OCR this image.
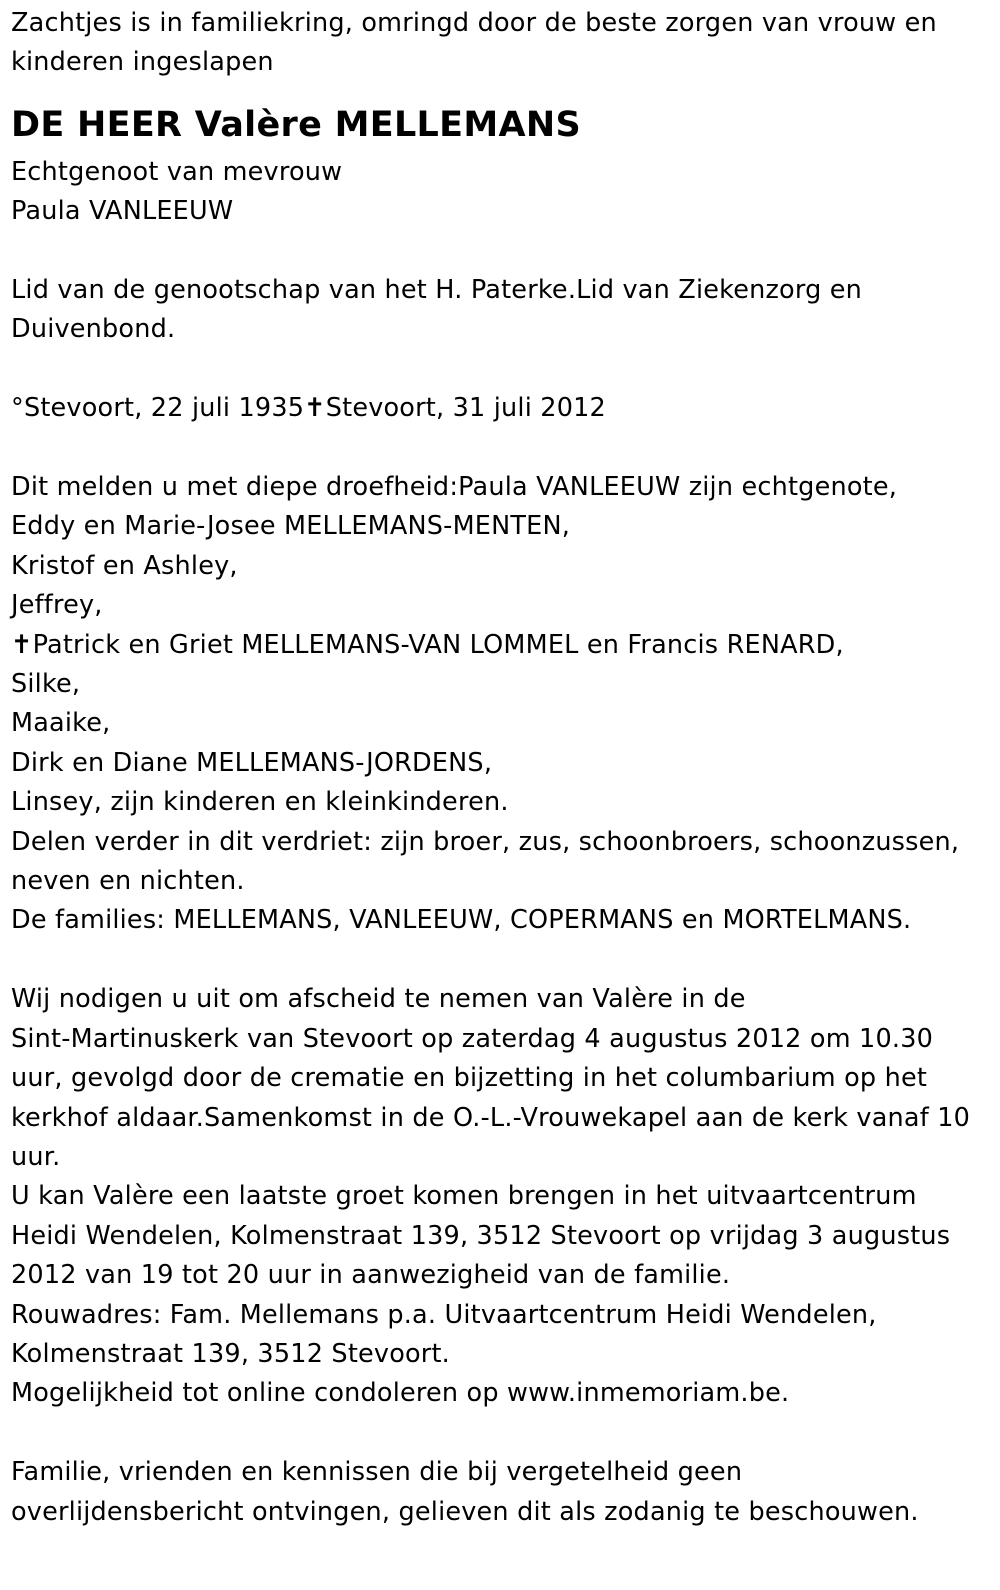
Zachtjes is in familiekring, omringd door de beste zorgen van vrouw en
kinderen ingeslapen
DE HEER Valère MELLEMANS
Echtgenoot van mevrouw
Paula VANLEEUW
Lid van de genootschap van het H. Paterke.Lid van Ziekenzorg en
Duivenbond.
°Stevoort, 22 juli 1935✝Stevoort, 31 juli 2012
Dit melden u met diepe droefheid:Paula VANLEEUW zijn echtgenote,
Eddy en Marie-Josee MELLEMANS-MENTEN,
Kristof en Ashley,
Jeffrey,
✝Patrick en Griet MELLEMANS-VAN LOMMEL en Francis RENARD,
Silke,
Maaike,
Dirk en Diane MELLEMANS-JORDENS,
Linsey, zijn kinderen en kleinkinderen.
Delen verder in dit verdriet: zijn broer, zus, schoonbroers, schoonzussen,
neven en nichten.
De families: MELLEMANS, VANLEEUW, COPERMANS en MORTELMANS.
Wij nodigen u uit om afscheid te nemen van Valère in de
Sint-Martinuskerk van Stevoort op zaterdag 4 augustus 2012 om 10.30
uur, gevolgd door de crematie en bijzetting in het columbarium op het
kerkhof aldaar.Samenkomst in de O.-L.-Vrouwekapel aan de kerk vanaf 10
uur.
U kan Valère een laatste groet komen brengen in het uitvaartcentrum
Heidi Wendelen, Kolmenstraat 139, 3512 Stevoort op vrijdag 3 augustus
2012 van 19 tot 20 uur in aanwezigheid van de familie.
Rouwadres: Fam. Mellemans p.a. Uitvaartcentrum Heidi Wendelen,
Kolmenstraat 139, 3512 Stevoort.
Mogelijkheid tot online condoleren op www.inmemoriam.be.
Familie, vrienden en kennissen die bij vergetelheid geen
overlijdensbericht ontvingen, gelieven dit als zodanig te beschouwen.
